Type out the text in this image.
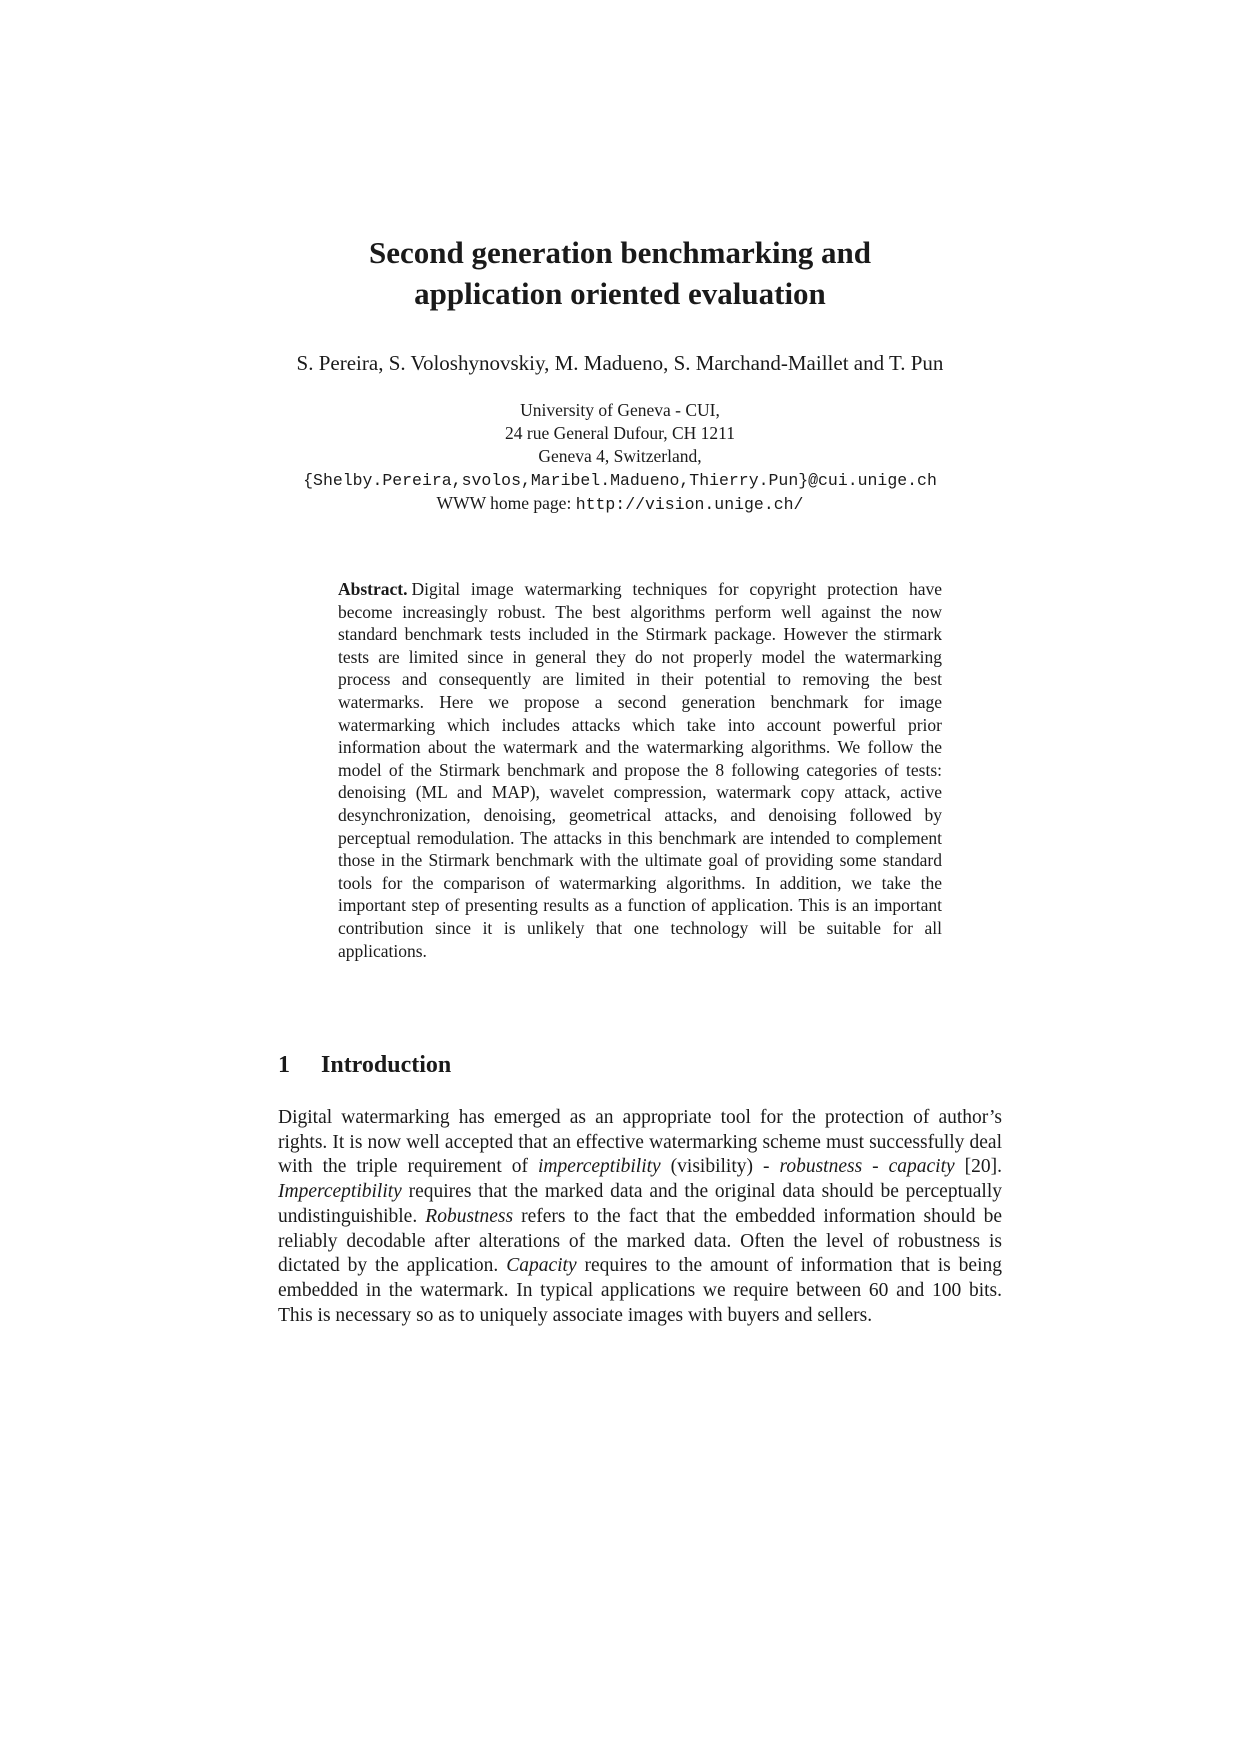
Second generation benchmarking and
application oriented evaluation
S. Pereira, S. Voloshynovskiy, M. Madueno, S. Marchand-Maillet and T. Pun
University of Geneva - CUI,
24 rue General Dufour, CH 1211
Geneva 4, Switzerland,
{Shelby.Pereira,svolos,Maribel.Madueno,Thierry.Pun}@cui.unige.ch
WWW home page: http://vision.unige.ch/

Abstract. Digital image watermarking techniques for copyright protection have become increasingly robust. The best algorithms perform well against the now standard benchmark tests included in the Stirmark package. However the stirmark tests are limited since in general they do not properly model the watermarking process and consequently are limited in their potential to removing the best watermarks. Here we propose a second generation benchmark for image watermarking which includes attacks which take into account powerful prior information about the watermark and the watermarking algorithms. We follow the model of the Stirmark benchmark and propose the 8 following categories of tests: denoising (ML and MAP), wavelet compression, watermark copy attack, active desynchronization, denoising, geometrical attacks, and denoising followed by perceptual remodulation. The attacks in this benchmark are intended to complement those in the Stirmark benchmark with the ultimate goal of providing some standard tools for the comparison of watermarking algorithms. In addition, we take the important step of presenting results as a function of application. This is an important contribution since it is unlikely that one technology will be suitable for all applications.

1 Introduction

Digital watermarking has emerged as an appropriate tool for the protection of author’s rights. It is now well accepted that an effective watermarking scheme must successfully deal with the triple requirement of imperceptibility (visibility) - robustness - capacity [20]. Imperceptibility requires that the marked data and the original data should be perceptually undistinguishible. Robustness refers to the fact that the embedded information should be reliably decodable after alterations of the marked data. Often the level of robustness is dictated by the application. Capacity requires to the amount of information that is being embedded in the watermark. In typical applications we require between 60 and 100 bits. This is necessary so as to uniquely associate images with buyers and sellers.
